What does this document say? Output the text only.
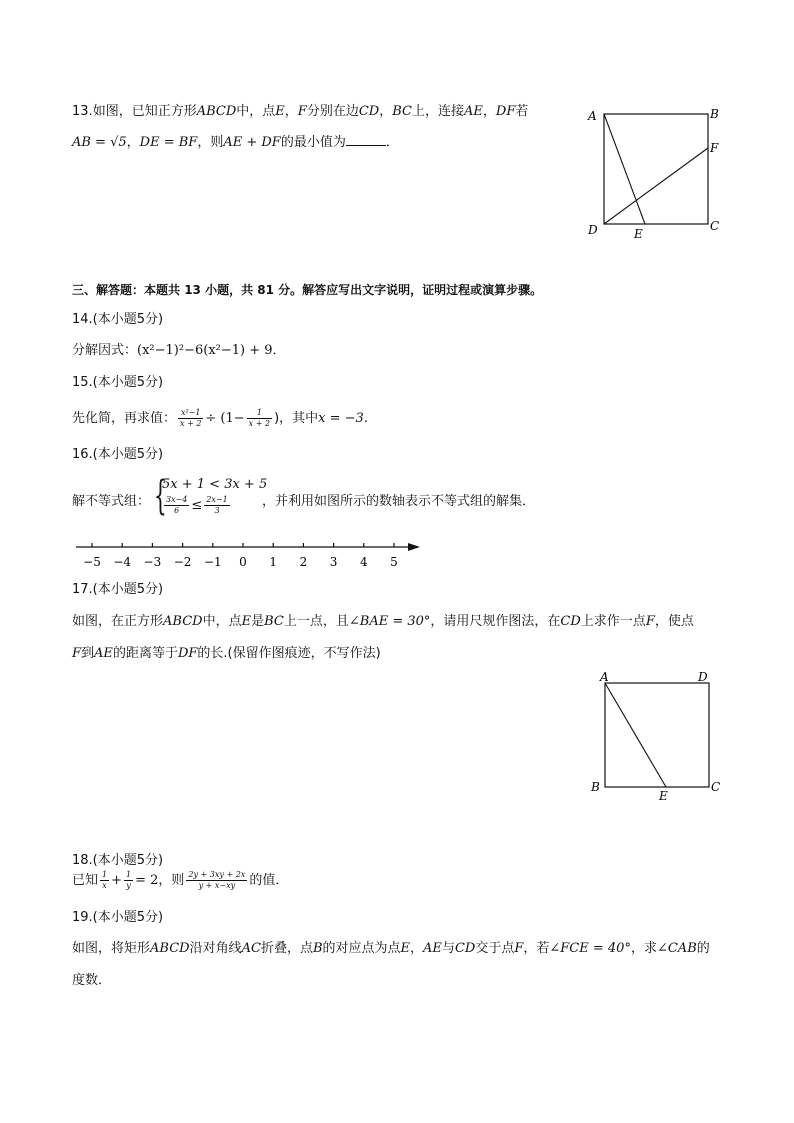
13.如图，已知正方形ABCD中，点E，F分别在边CD，BC上，连接AE，DF若
AB = √5，DE = BF，则AE + DF的最小值为	．
A	B
F
C
D	E
三、解答题：本题共 13 小题，共 81 分。解答应写出文字说明，证明过程或演算步骤。
14.(本小题5分)
分解因式：(x²−1)²−6(x²−1) + 9．
15.(本小题5分)
先化简，再求值： $\frac{\text{x²−1}}{x + 2} \div (1- \frac{1}{x + 2}$ )，其中x = −3．
16.(本小题5分)
解不等式组： {
5x + 1 < 3x + 5
$\frac{3x-4}{6} \le \frac{2x-1}{3}$ ，并利用如图所示的数轴表示不等式组的解集．
−5 −4 −3 −2 −1 0 1 2 3 4 5
17.(本小题5分)
如图，在正方形ABCD中，点E是BC上一点，且∠BAE = 30°，请用尺规作图法，在CD上求作一点F，使点
F到AE的距离等于DF的长.(保留作图痕迹，不写作法)
A	D
B	C
E
18.(本小题5分)
已知 $\frac{1}{x} + \frac{1}{y} = 2$，则 $\frac{2y + 3xy + 2x}{y + x-xy}$ 的值．
19.(本小题5分)
如图，将矩形ABCD沿对角线AC折叠，点B的对应点为点E，AE与CD交于点F，若∠FCE = 40°，求∠CAB的
度数．
